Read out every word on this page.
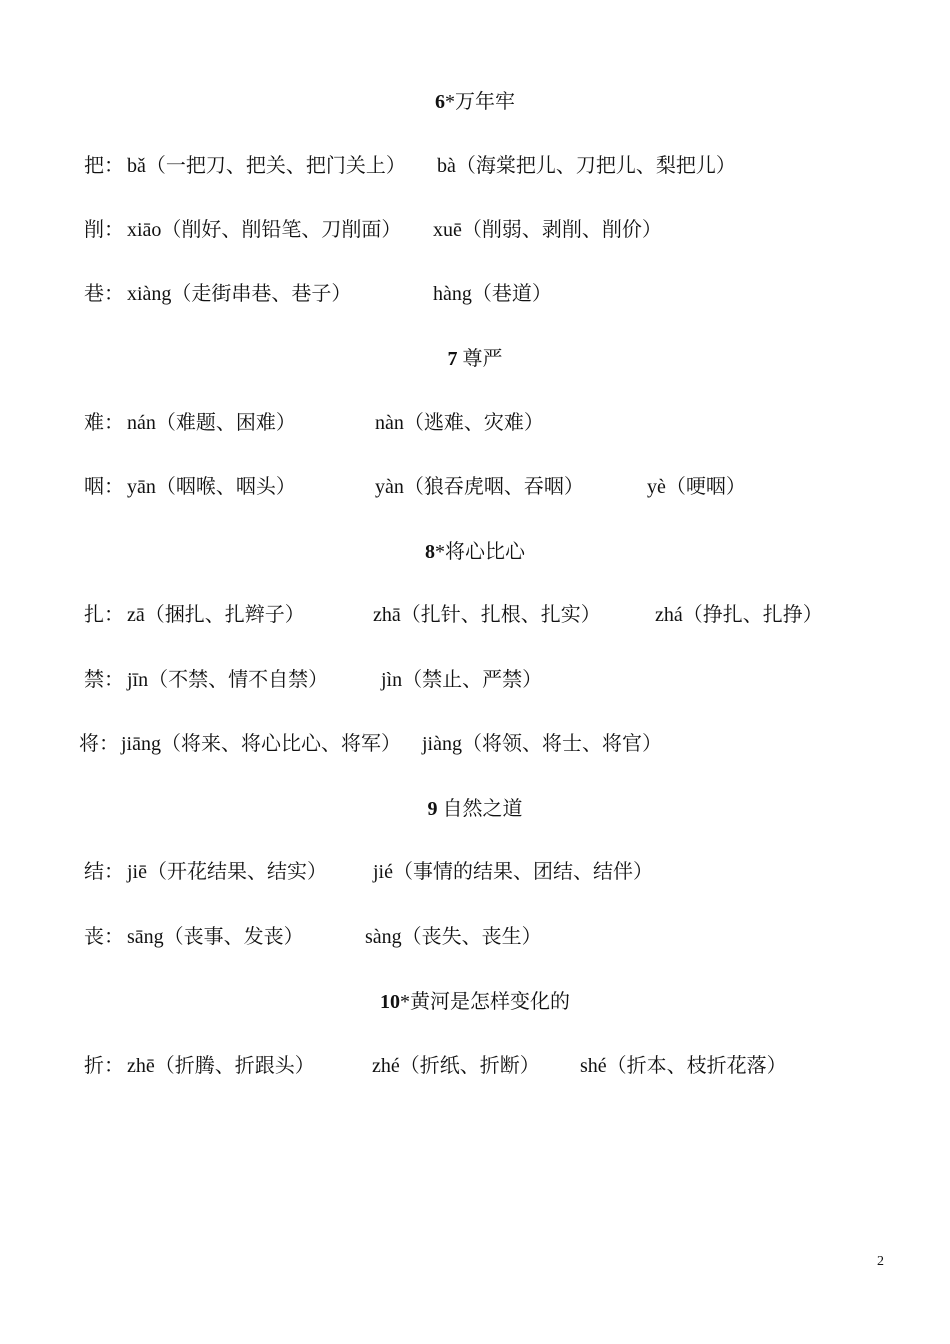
6*万年牢
把： bǎ（一把刀、把关、把门关上） bà（海棠把儿、刀把儿、梨把儿）
削： xiāo（削好、削铅笔、刀削面） xuē（削弱、剥削、削价）
巷： xiàng（走街串巷、巷子）	hàng（巷道）
7 尊严
难： nán（难题、困难）	nàn（逃难、灾难）
咽： yān（咽喉、咽头）	yàn（狼吞虎咽、吞咽）	yè（哽咽）
8*将心比心
扎： zā（捆扎、扎辫子）	zhā（扎针、扎根、扎实）	zhá（挣扎、扎挣）
禁： jīn（不禁、情不自禁）	jìn（禁止、严禁）
将： jiāng（将来、将心比心、将军） jiàng（将领、将士、将官）
9 自然之道
结： jiē（开花结果、结实） jié（事情的结果、团结、结伴）
丧： sāng（丧事、发丧）	sàng（丧失、丧生）
10*黄河是怎样变化的
折： zhē（折腾、折跟头）	zhé（折纸、折断） shé（折本、枝折花落）
2
